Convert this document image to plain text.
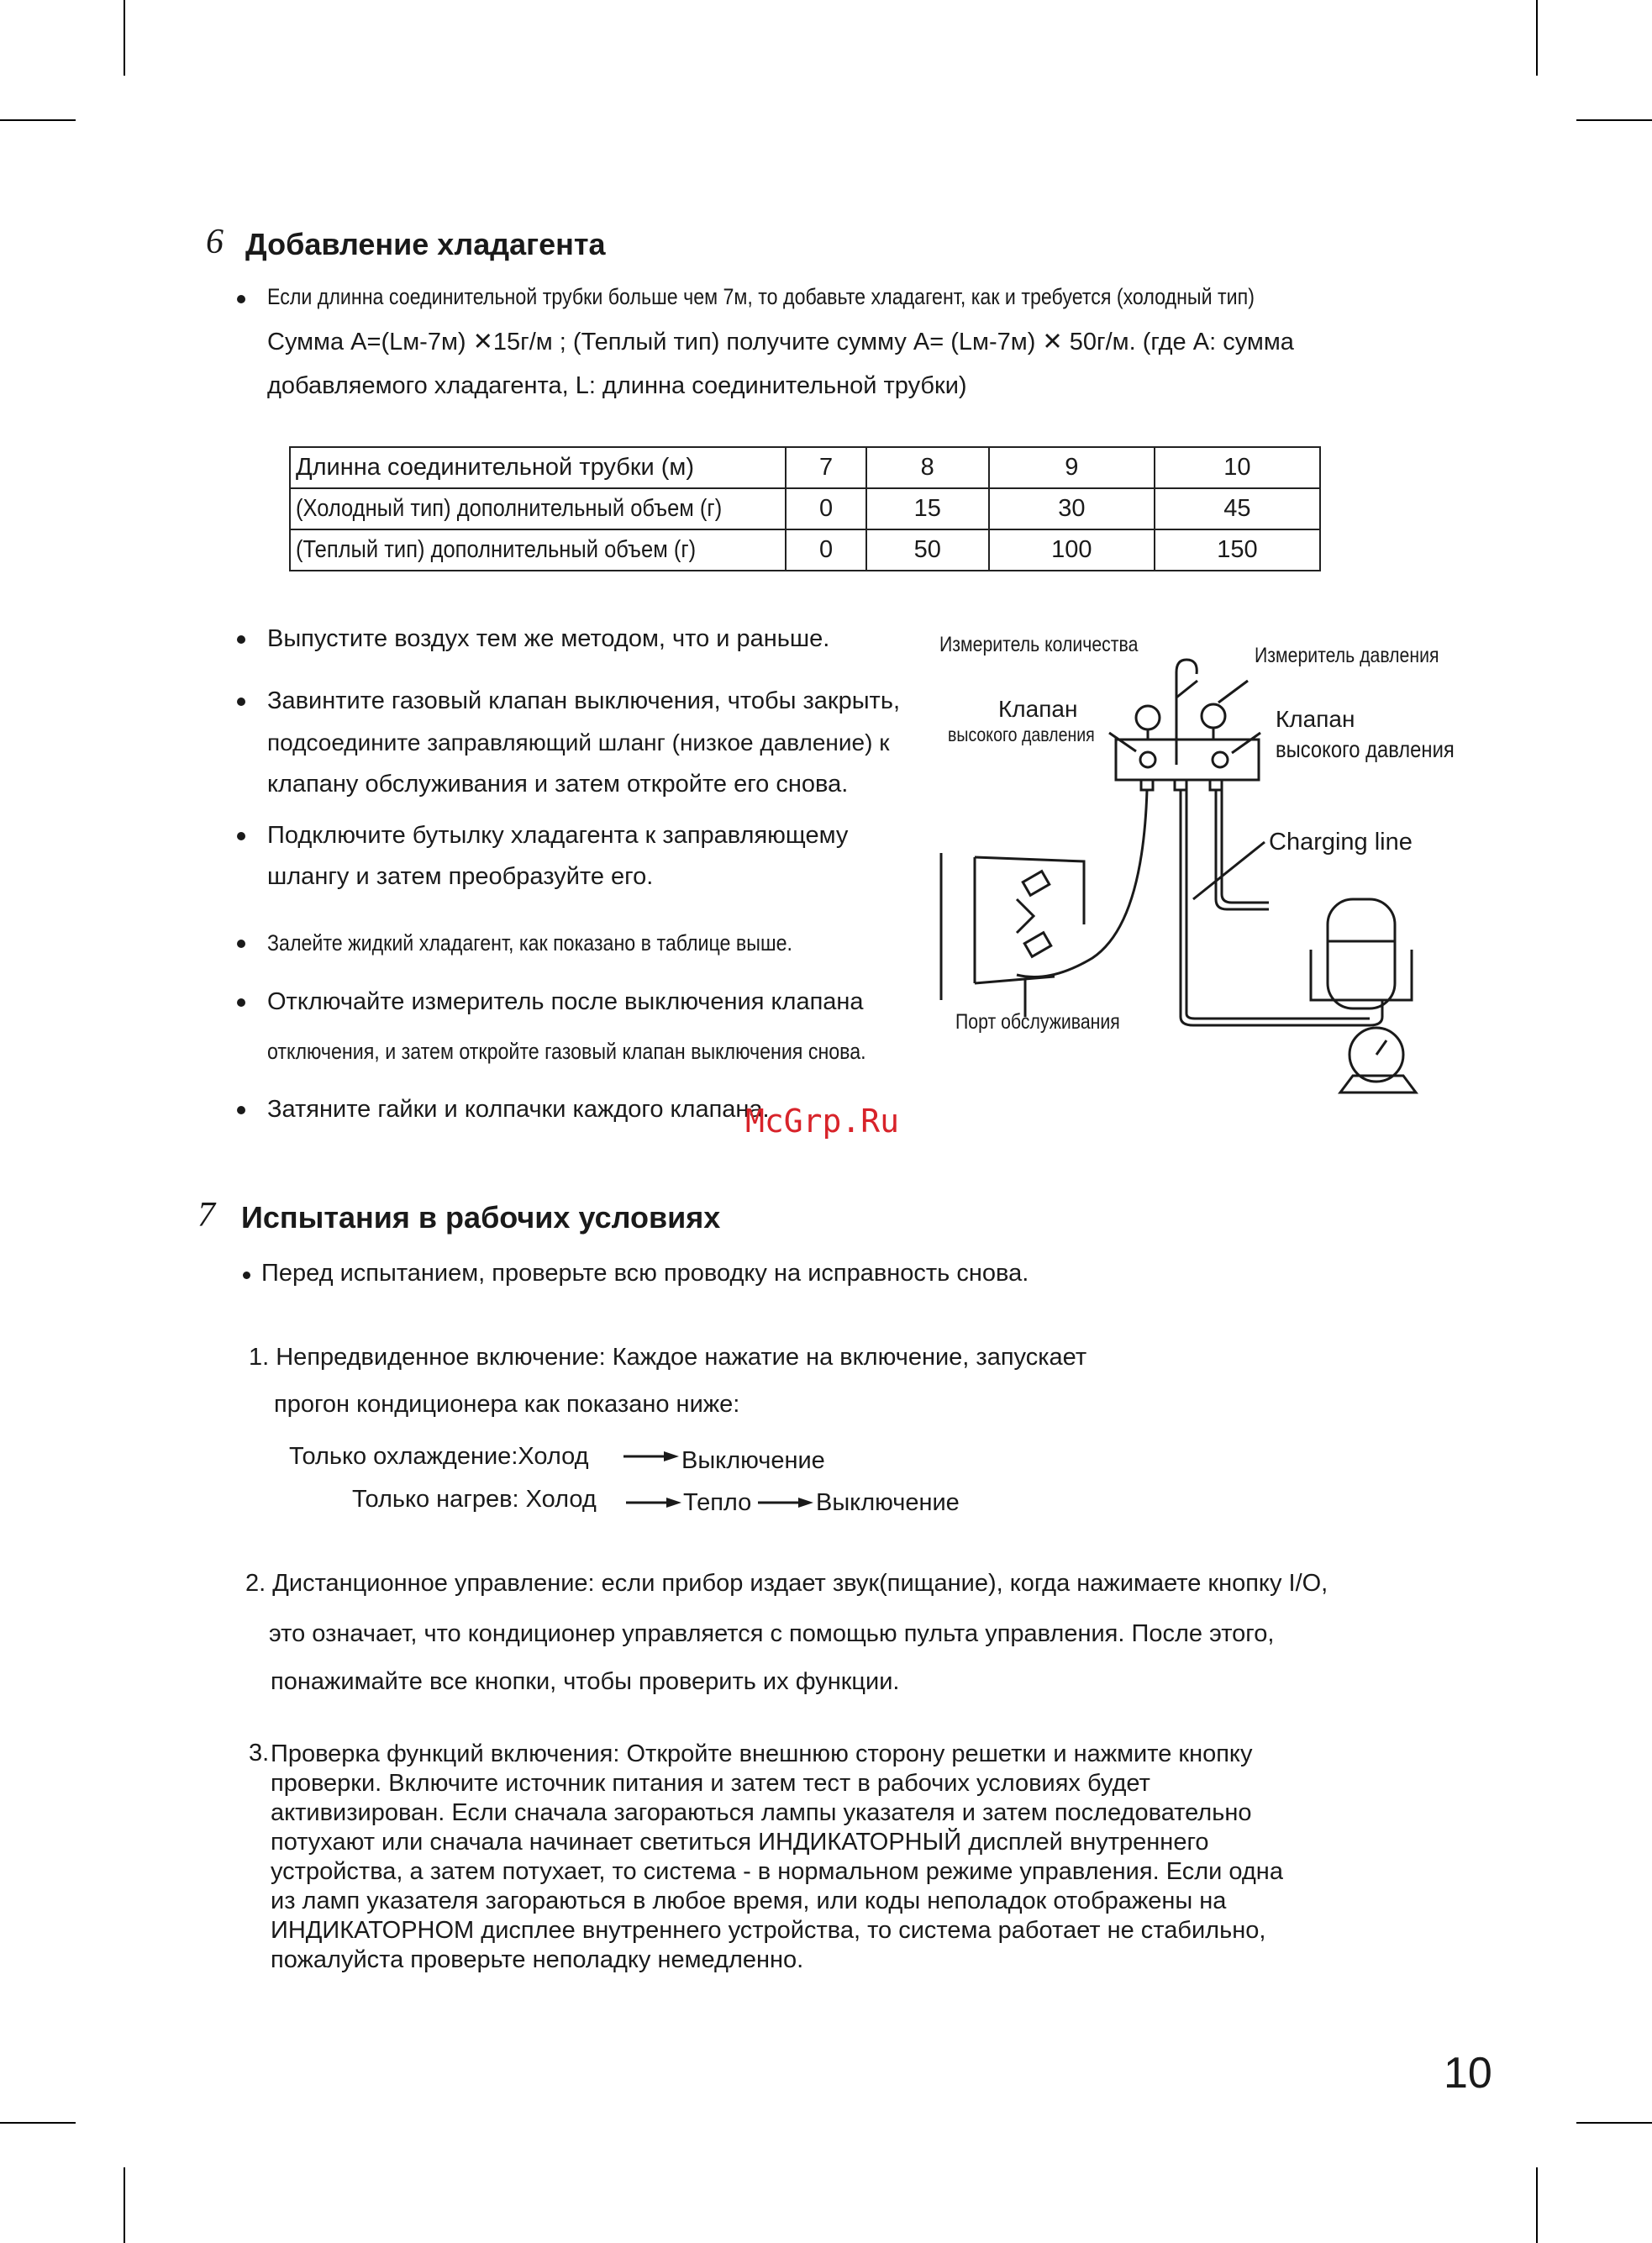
6 Добавление хладагента
Если длинна соединительной трубки больше чем 7м, то добавьте хладагент, как и требуется (холодный тип)
Сумма А=(Lм-7м) ✕15г/м ; (Теплый тип) получите сумму А= (Lм-7м) ✕ 50г/м. (где А: сумма
добавляемого хладагента, L: длинна соединительной трубки)
Длинна соединительной трубки (м)	7	8	9	10
(Холодный тип) дополнительный объем (г)	0	15	30	45
(Теплый тип) дополнительный объем (г)	0	50	100	150
Выпустите воздух тем же методом, что и раньше.
Завинтите газовый клапан выключения, чтобы закрыть,
подсоедините заправляющий шланг (низкое давление) к
клапану обслуживания и затем откройте его снова.
Подключите бутылку хладагента к заправляющему
шлангу и затем преобразуйте его.
Залейте жидкий хладагент, как показано в таблице выше.
Отключайте измеритель после выключения клапана
отключения, и затем откройте газовый клапан выключения снова.
Затяните гайки и колпачки каждого клапана.
Измеритель количества	Измеритель давления
Клапан
высокого давления
Клапан
высокого давления
Charging line
Порт обслуживания
McGrp.Ru
7 Испытания в рабочих условиях
Перед испытанием, проверьте всю проводку на исправность снова.
1. Непредвиденное включение: Каждое нажатие на включение, запускает
прогон кондиционера как показано ниже:
Только охлаждение:Холод	Выключение
Только нагрев: Холод	Тепло	Выключение
2. Дистанционное управление: если прибор издает звук(пищание), когда нажимаете кнопку I/O,
это означает, что кондиционер управляется с помощью пульта управления. После этого,
понажимайте все кнопки, чтобы проверить их функции.
3. Проверка функций включения: Откройте внешнюю сторону решетки и нажмите кнопку
проверки. Включите источник питания и затем тест в рабочих условиях будет
активизирован. Если сначала загораються лампы указателя и затем последовательно
потухают или сначала начинает светиться ИНДИКАТОРНЫЙ дисплей внутреннего
устройства, а затем потухает, то система - в нормальном режиме управления. Если одна
из ламп указателя загораються в любое время, или коды неполадок отображены на
ИНДИКАТОРНОМ дисплее внутреннего устройства, то система работает не стабильно,
пожалуйста проверьте неполадку немедленно.
10
